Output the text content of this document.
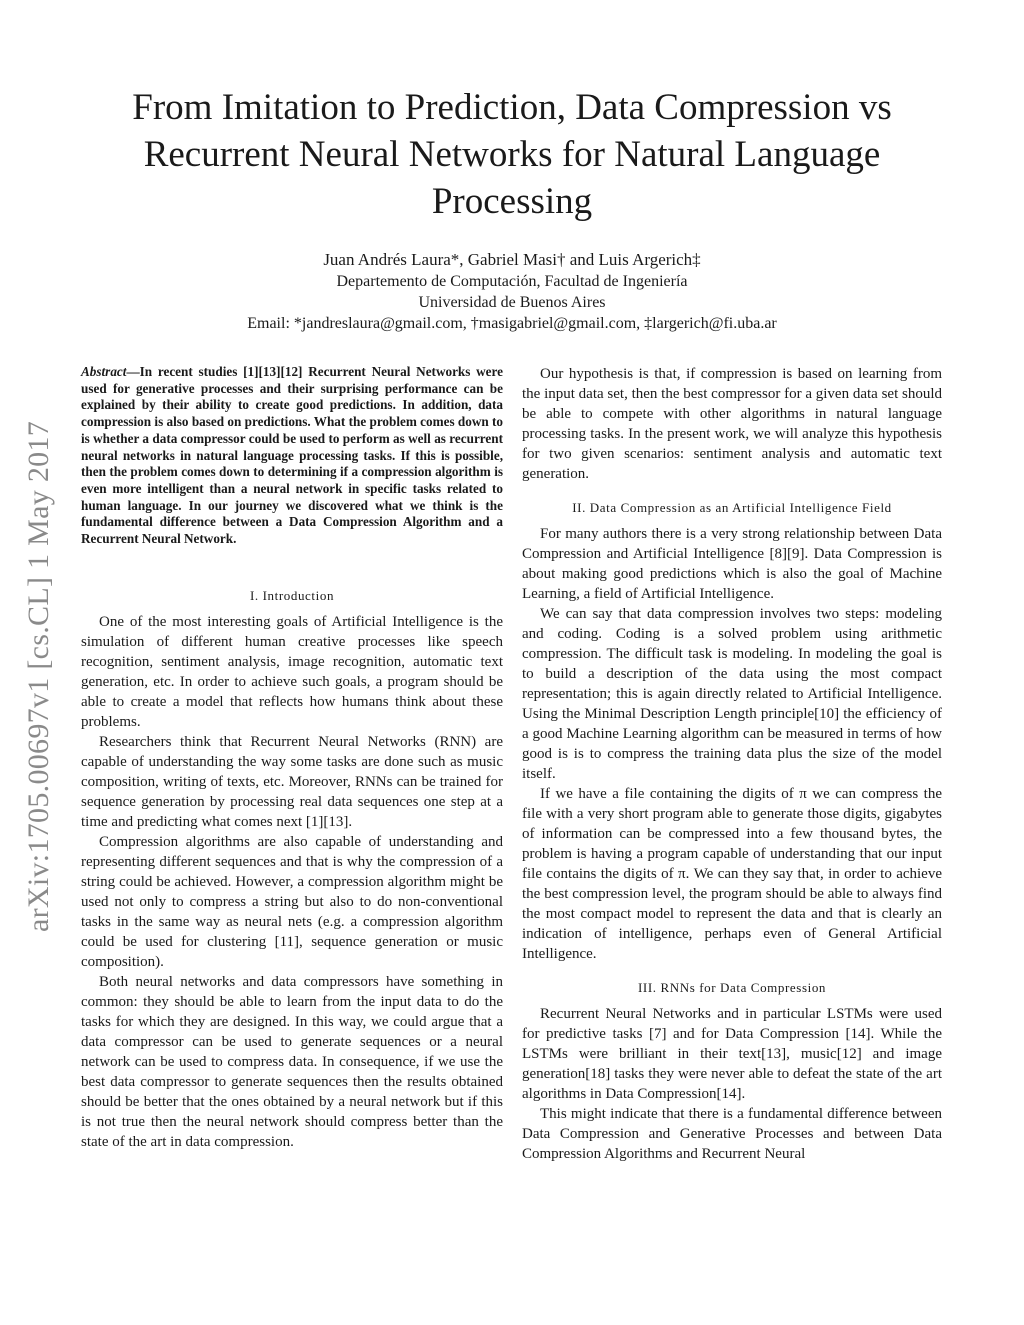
From Imitation to Prediction, Data Compression vs Recurrent Neural Networks for Natural Language Processing
Juan Andrés Laura*, Gabriel Masi† and Luis Argerich‡
Departemento de Computación, Facultad de Ingeniería
Universidad de Buenos Aires
Email: *jandreslaura@gmail.com, †masigabriel@gmail.com, ‡largerich@fi.uba.ar
arXiv:1705.00697v1 [cs.CL] 1 May 2017

Abstract—In recent studies [1][13][12] Recurrent Neural Networks were used for generative processes and their surprising performance can be explained by their ability to create good predictions. In addition, data compression is also based on predictions. What the problem comes down to is whether a data compressor could be used to perform as well as recurrent neural networks in natural language processing tasks. If this is possible, then the problem comes down to determining if a compression algorithm is even more intelligent than a neural network in specific tasks related to human language. In our journey we discovered what we think is the fundamental difference between a Data Compression Algorithm and a Recurrent Neural Network.

I. Introduction

One of the most interesting goals of Artificial Intelligence is the simulation of different human creative processes like speech recognition, sentiment analysis, image recognition, automatic text generation, etc. In order to achieve such goals, a program should be able to create a model that reflects how humans think about these problems.

Researchers think that Recurrent Neural Networks (RNN) are capable of understanding the way some tasks are done such as music composition, writing of texts, etc. Moreover, RNNs can be trained for sequence generation by processing real data sequences one step at a time and predicting what comes next [1][13].

Compression algorithms are also capable of understanding and representing different sequences and that is why the compression of a string could be achieved. However, a compression algorithm might be used not only to compress a string but also to do non-conventional tasks in the same way as neural nets (e.g. a compression algorithm could be used for clustering [11], sequence generation or music composition).

Both neural networks and data compressors have something in common: they should be able to learn from the input data to do the tasks for which they are designed. In this way, we could argue that a data compressor can be used to generate sequences or a neural network can be used to compress data. In consequence, if we use the best data compressor to generate sequences then the results obtained should be better that the ones obtained by a neural network but if this is not true then the neural network should compress better than the state of the art in data compression.

Our hypothesis is that, if compression is based on learning from the input data set, then the best compressor for a given data set should be able to compete with other algorithms in natural language processing tasks. In the present work, we will analyze this hypothesis for two given scenarios: sentiment analysis and automatic text generation.

II. Data Compression as an Artificial Intelligence Field

For many authors there is a very strong relationship between Data Compression and Artificial Intelligence [8][9]. Data Compression is about making good predictions which is also the goal of Machine Learning, a field of Artificial Intelligence.

We can say that data compression involves two steps: modeling and coding. Coding is a solved problem using arithmetic compression. The difficult task is modeling. In modeling the goal is to build a description of the data using the most compact representation; this is again directly related to Artificial Intelligence. Using the Minimal Description Length principle[10] the efficiency of a good Machine Learning algorithm can be measured in terms of how good is is to compress the training data plus the size of the model itself.

If we have a file containing the digits of π we can compress the file with a very short program able to generate those digits, gigabytes of information can be compressed into a few thousand bytes, the problem is having a program capable of understanding that our input file contains the digits of π. We can they say that, in order to achieve the best compression level, the program should be able to always find the most compact model to represent the data and that is clearly an indication of intelligence, perhaps even of General Artificial Intelligence.

III. RNNs for Data Compression

Recurrent Neural Networks and in particular LSTMs were used for predictive tasks [7] and for Data Compression [14]. While the LSTMs were brilliant in their text[13], music[12] and image generation[18] tasks they were never able to defeat the state of the art algorithms in Data Compression[14].

This might indicate that there is a fundamental difference between Data Compression and Generative Processes and between Data Compression Algorithms and Recurrent Neural
